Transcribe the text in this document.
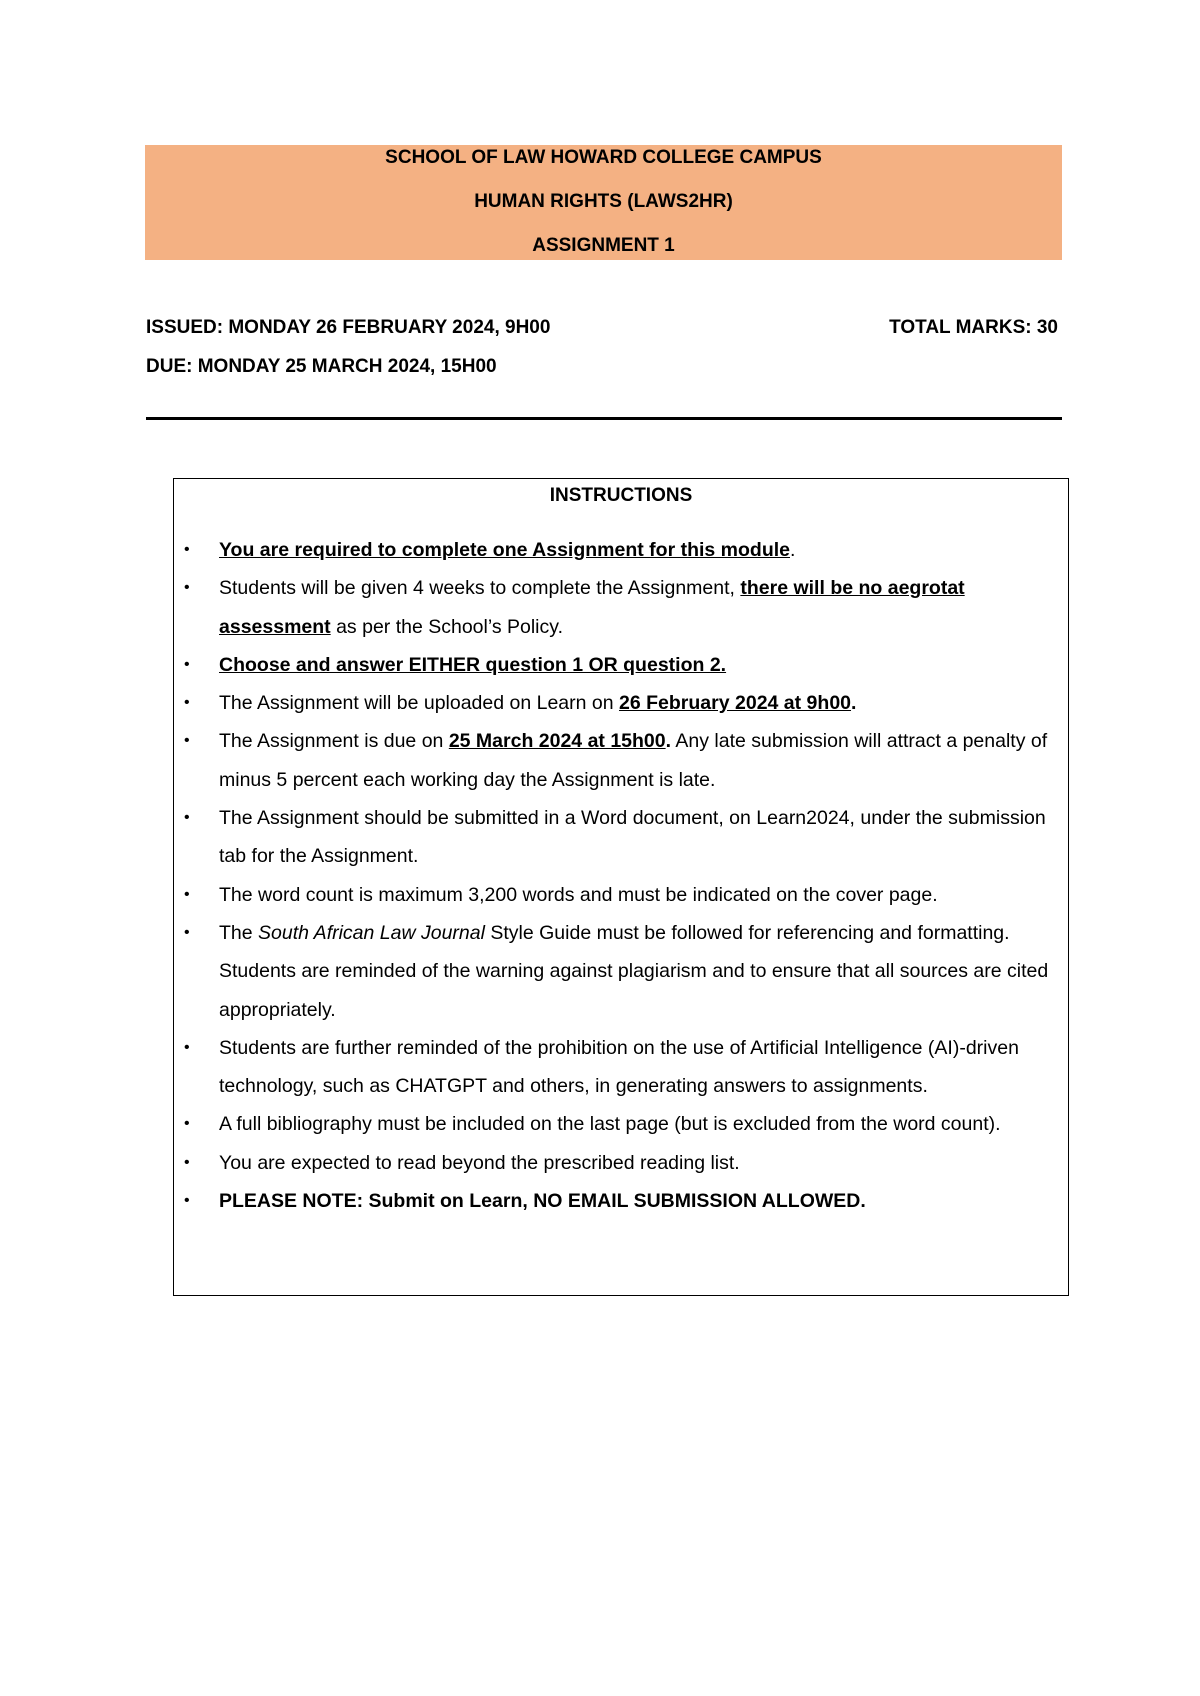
SCHOOL OF LAW HOWARD COLLEGE CAMPUS
HUMAN RIGHTS (LAWS2HR)
ASSIGNMENT 1
ISSUED: MONDAY 26 FEBRUARY 2024, 9H00	TOTAL MARKS: 30
DUE: MONDAY 25 MARCH 2024, 15H00
INSTRUCTIONS
• You are required to complete one Assignment for this module.
• Students will be given 4 weeks to complete the Assignment, there will be no aegrotat assessment as per the School’s Policy.
• Choose and answer EITHER question 1 OR question 2.
• The Assignment will be uploaded on Learn on 26 February 2024 at 9h00.
• The Assignment is due on 25 March 2024 at 15h00. Any late submission will attract a penalty of minus 5 percent each working day the Assignment is late.
• The Assignment should be submitted in a Word document, on Learn2024, under the submission tab for the Assignment.
• The word count is maximum 3,200 words and must be indicated on the cover page.
• The South African Law Journal Style Guide must be followed for referencing and formatting. Students are reminded of the warning against plagiarism and to ensure that all sources are cited appropriately.
• Students are further reminded of the prohibition on the use of Artificial Intelligence (AI)-driven technology, such as CHATGPT and others, in generating answers to assignments.
• A full bibliography must be included on the last page (but is excluded from the word count).
• You are expected to read beyond the prescribed reading list.
• PLEASE NOTE: Submit on Learn, NO EMAIL SUBMISSION ALLOWED.
